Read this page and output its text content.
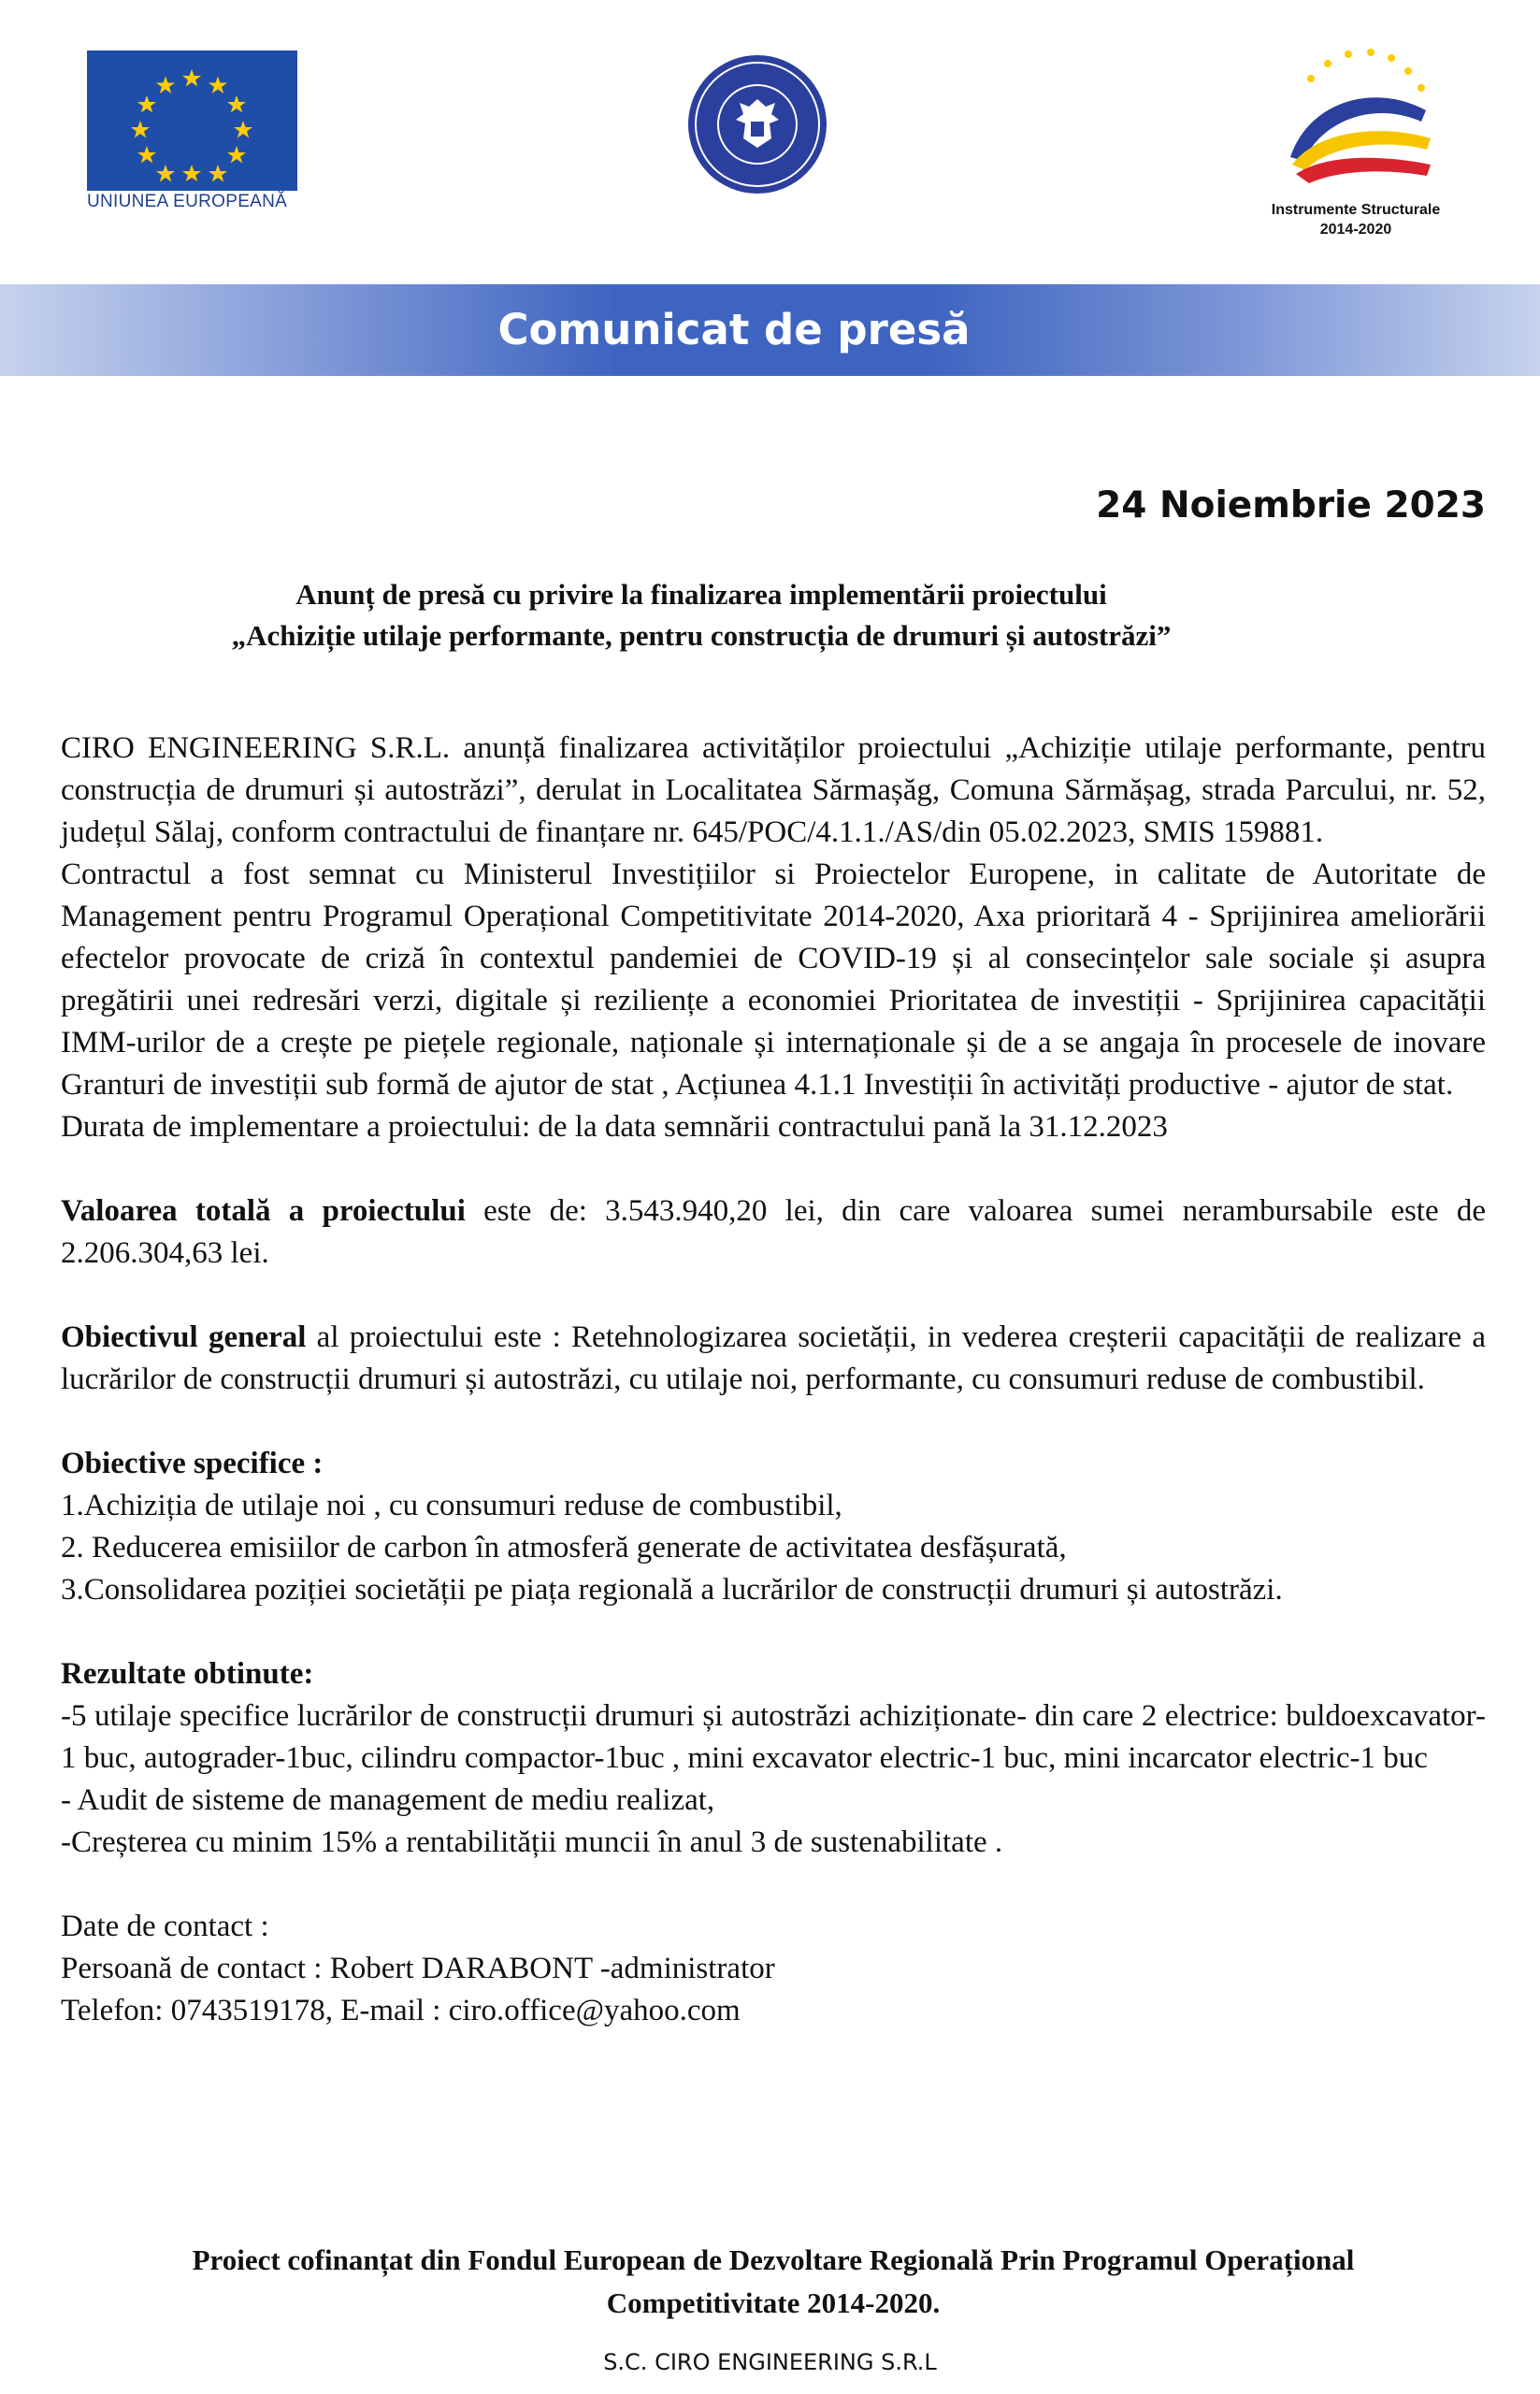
UNIUNEA EUROPEANĂ	Instrumente Structurale
2014-2020
Comunicat de presă
24 Noiembrie 2023
Anunț de presă cu privire la finalizarea implementării proiectului
„Achiziție utilaje performante, pentru construcția de drumuri și autostrăzi”

CIRO ENGINEERING S.R.L. anunță finalizarea activităților proiectului „Achiziție utilaje performante, pentru construcția de drumuri și autostrăzi”, derulat in Localitatea Sărmașăg, Comuna Sărmășag, strada Parcului, nr. 52, județul Sălaj, conform contractului de finanțare nr. 645/POC/4.1.1./AS/din 05.02.2023, SMIS 159881.

Contractul a fost semnat cu Ministerul Investițiilor si Proiectelor Europene, in calitate de Autoritate de Management pentru Programul Operațional Competitivitate 2014-2020, Axa prioritară 4 - Sprijinirea ameliorării efectelor provocate de criză în contextul pandemiei de COVID-19 și al consecințelor sale sociale și asupra pregătirii unei redresări verzi, digitale și reziliențe a economiei Prioritatea de investiții - Sprijinirea capacității IMM-urilor de a crește pe piețele regionale, naționale și internaționale și de a se angaja în procesele de inovare Granturi de investiții sub formă de ajutor de stat , Acțiunea 4.1.1 Investiții în activități productive - ajutor de stat.

Durata de implementare a proiectului: de la data semnării contractului pană la 31.12.2023

Valoarea totală a proiectului este de: 3.543.940,20 lei, din care valoarea sumei nerambursabile este de 2.206.304,63 lei.

Obiectivul general al proiectului este : Retehnologizarea societății, in vederea creșterii capacității de realizare a lucrărilor de construcții drumuri și autostrăzi, cu utilaje noi, performante, cu consumuri reduse de combustibil.

Obiective specifice :

1.Achiziția de utilaje noi , cu consumuri reduse de combustibil,

2. Reducerea emisiilor de carbon în atmosferă generate de activitatea desfășurată,

3.Consolidarea poziției societății pe piața regională a lucrărilor de construcții drumuri și autostrăzi.

Rezultate obtinute:

-5 utilaje specifice lucrărilor de construcții drumuri și autostrăzi achiziționate- din care 2 electrice: buldoexcavator-1 buc, autograder-1buc, cilindru compactor-1buc , mini excavator electric-1 buc, mini incarcator electric-1 buc

- Audit de sisteme de management de mediu realizat,

-Creșterea cu minim 15% a rentabilității muncii în anul 3 de sustenabilitate .

Date de contact :

Persoană de contact : Robert DARABONT -administrator

Telefon: 0743519178, E-mail : ciro.office@yahoo.com

Proiect cofinanțat din Fondul European de Dezvoltare Regională Prin Programul Operațional
Competitivitate 2014-2020.
S.C. CIRO ENGINEERING S.R.L
